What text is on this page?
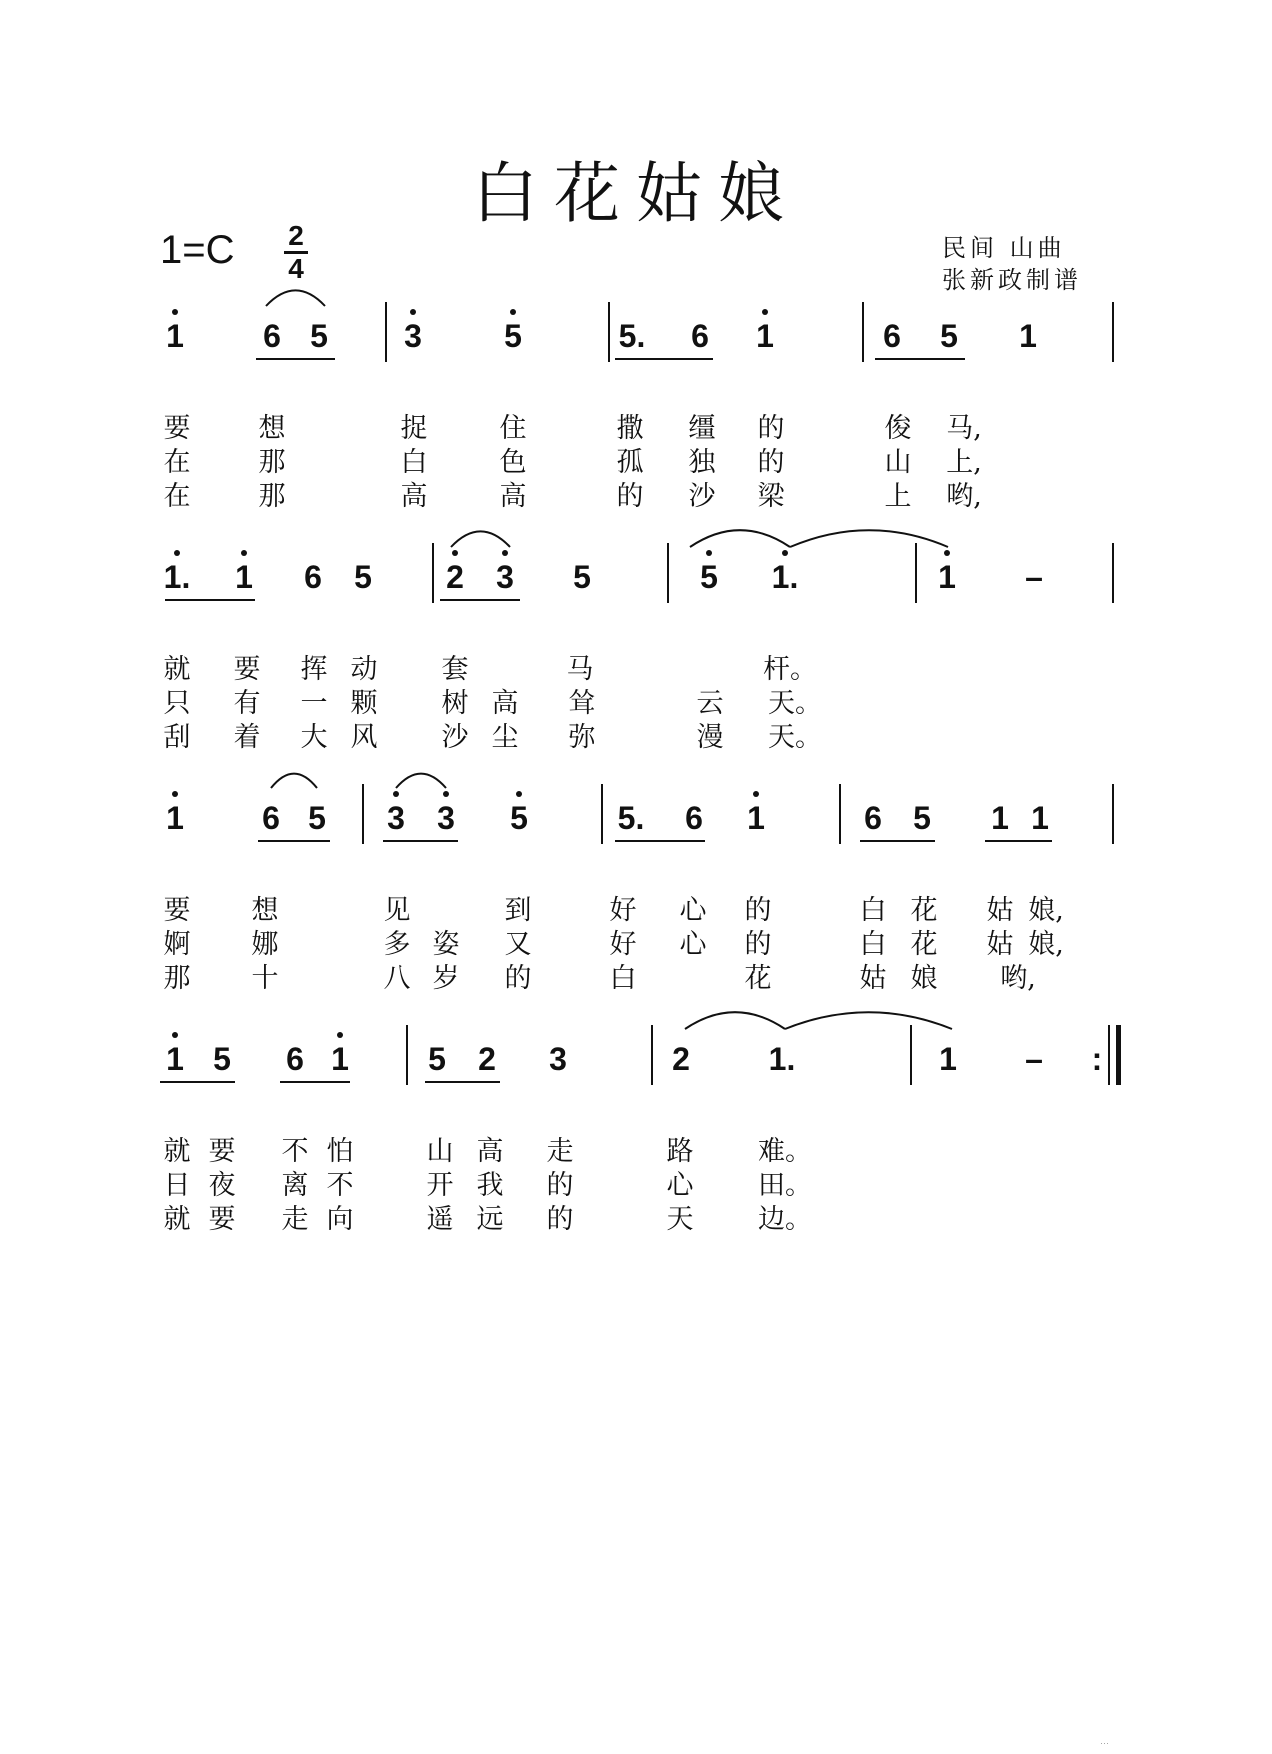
白花姑娘
1=C 2
4
民间 山曲
张新政制谱
1 6 5 3	5	5. 6 1	6 5 1
要	想	捉	住	撒 缰 的	俊 马,
在	那	白	色	孤 独 的	山 上,
在	那	高	高	的 沙 梁	上 哟,
1. 1 6 5 2 3 5	5 1.	1 –
就 要 挥 动 套	马	杆。
只 有 一 颗 树 高 耸	云 天。
刮 着 大 风 沙 尘 弥	漫 天。
1 6 5 3 3 5	5. 6 1	6 5 1 1
要 想	见	到	好 心 的	白 花 姑 娘,
婀 娜	多 姿 又	好 心 的	白 花 姑 娘,
那 十	八 岁 的	白	花	姑 娘 哟,
1 5 6 1 5 2 3	2 1.	1 – :
就 要 不 怕	山 高 走	路 难。
日 夜 离 不	开 我 的	心 田。
就 要 走 向	遥 远 的	天 边。
···
